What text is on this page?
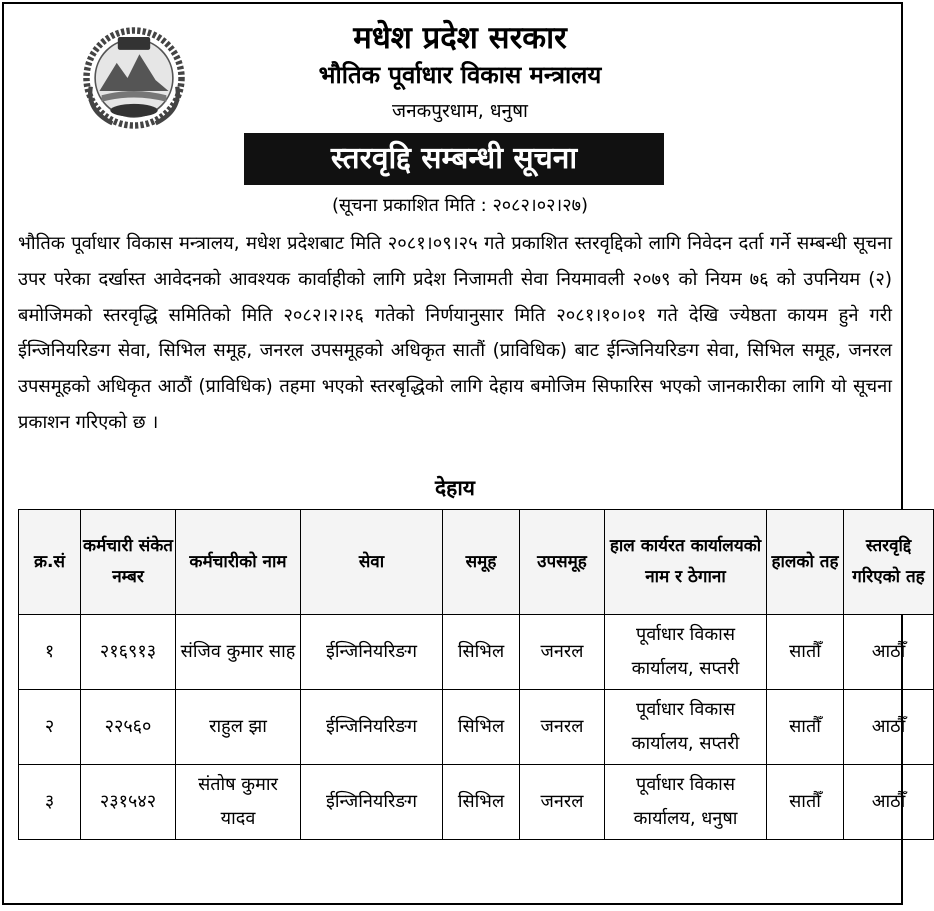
मधेश प्रदेश सरकार
भौतिक पूर्वाधार विकास मन्त्रालय
जनकपुरधाम, धनुषा
स्तरवृद्दि सम्बन्धी सूचना
(सूचना प्रकाशित मिति : २०८२।०२।२७)
भौतिक पूर्वाधार विकास मन्त्रालय, मधेश प्रदेशबाट मिति २०८१।०९।२५ गते प्रकाशित स्तरवृद्दिको लागि निवेदन दर्ता गर्ने सम्बन्धी सूचना उपर परेका दर्खास्त आवेदनको आवश्यक कार्वाहीको लागि प्रदेश निजामती सेवा नियमावली २०७९ को नियम ७६ को उपनियम (२) बमोजिमको स्तरवृद्धि समितिको मिति २०८२।२।२६ गतेको निर्णयानुसार मिति २०८१।१०।०१ गते देखि ज्येष्ठता कायम हुने गरी ईन्जिनियरिङग सेवा, सिभिल समूह, जनरल उपसमूहको अधिकृत सातौं (प्राविधिक) बाट ईन्जिनियरिङग सेवा, सिभिल समूह, जनरल उपसमूहको अधिकृत आठौं (प्राविधिक) तहमा भएको स्तरबृद्धिको लागि देहाय बमोजिम सिफारिस भएको जानकारीका लागि यो सूचना प्रकाशन गरिएको छ ।
देहाय
क्र.सं	कर्मचारी संकेत नम्बर	कर्मचारीको नाम	सेवा	समूह	उपसमूह	हाल कार्यरत कार्यालयको नाम र ठेगाना	हालको तह	स्तरवृद्दि गरिएको तह
१	२१६९१३	संजिव कुमार साह	ईन्जिनियरिङग	सिभिल	जनरल	पूर्वाधार विकास कार्यालय, सप्तरी	सातौँ	आठौँ
२	२२५६०	राहुल झा	ईन्जिनियरिङग	सिभिल	जनरल	पूर्वाधार विकास कार्यालय, सप्तरी	सातौँ	आठौँ
३	२३१५४२	संतोष कुमार यादव	ईन्जिनियरिङग	सिभिल	जनरल	पूर्वाधार विकास कार्यालय, धनुषा	सातौँ	आठौँ
